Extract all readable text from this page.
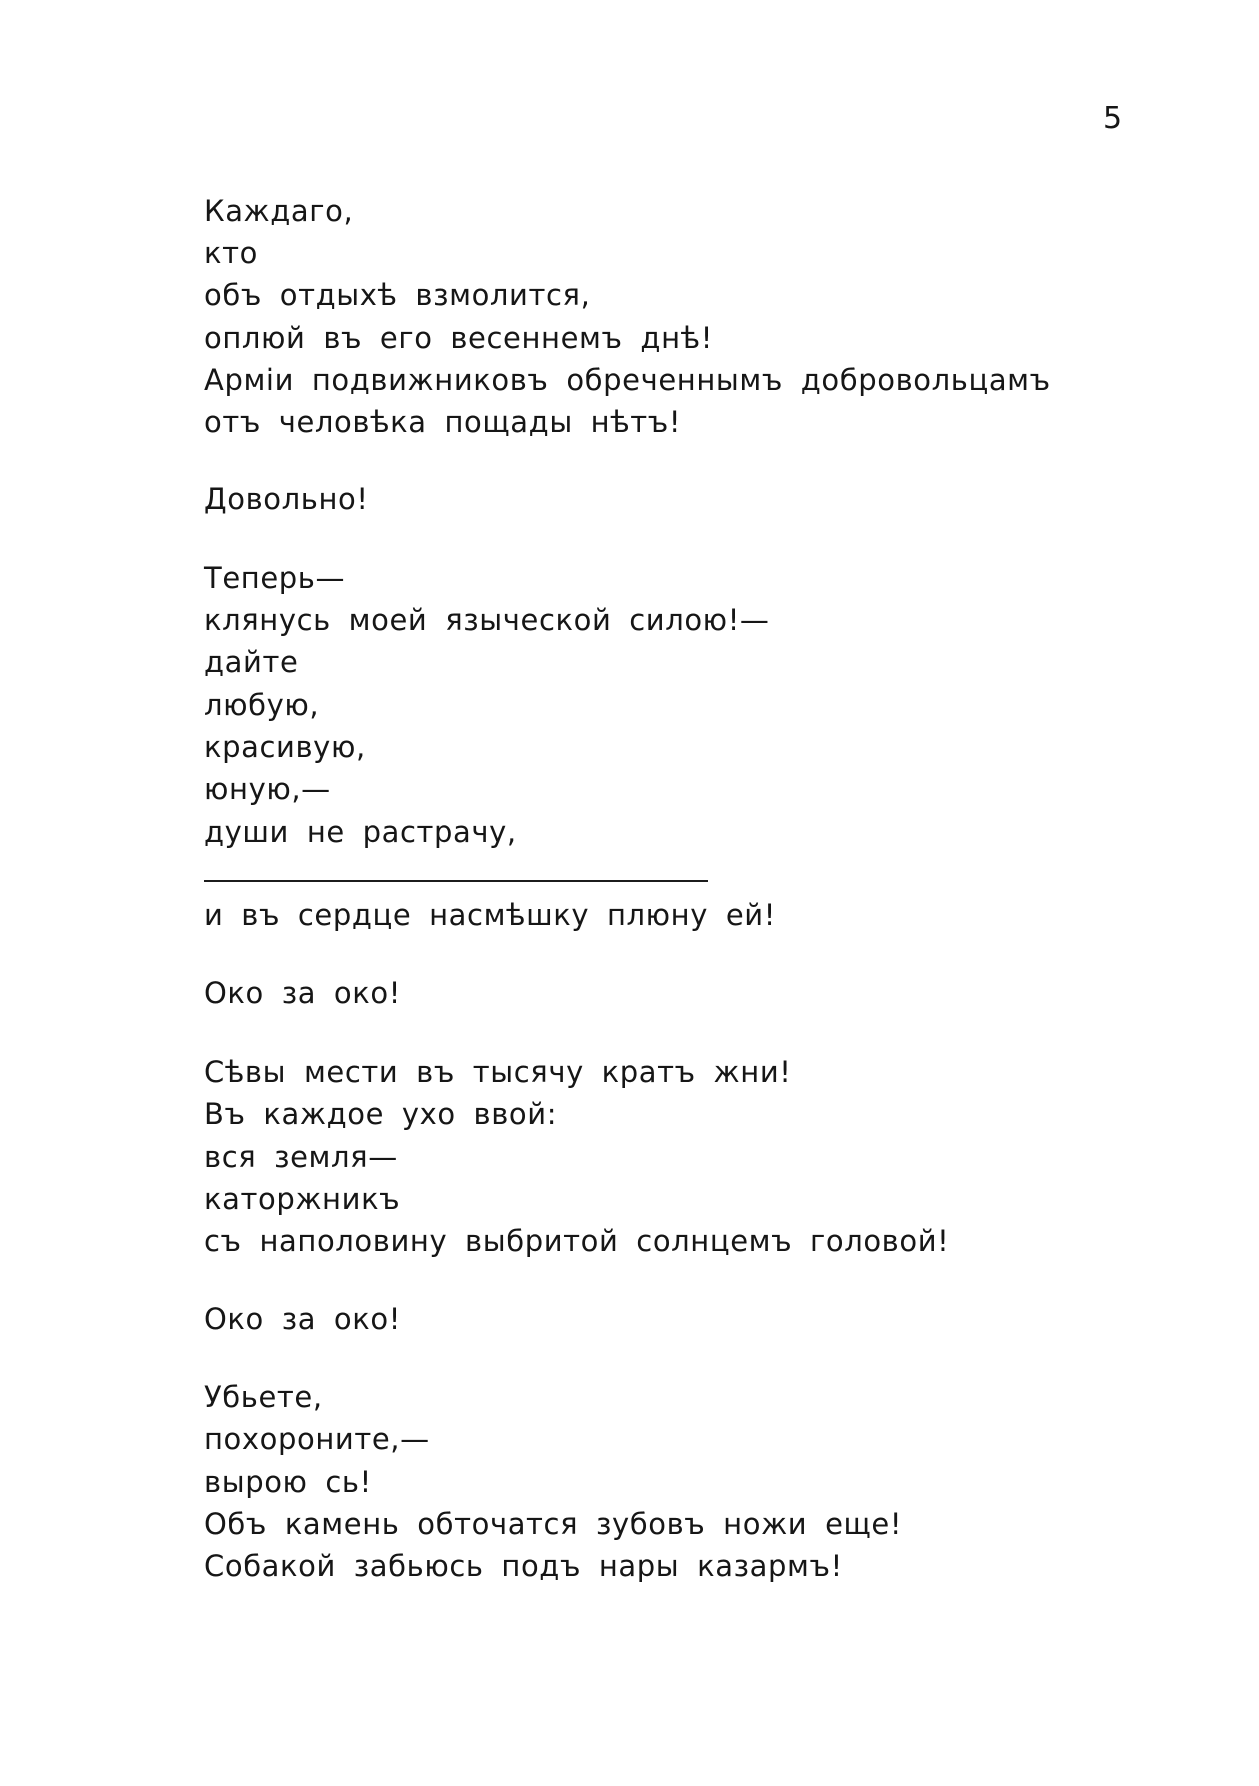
5
Каждаго,
кто
объ отдыхѣ взмолится,
оплюй въ его весеннемъ днѣ!
Арміи подвижниковъ обреченнымъ добровольцамъ
отъ человѣка пощады нѣтъ!
Довольно!
Теперь—
клянусь моей языческой силою!—
дайте
любую,
красивую,
юную,—
души не растрачу,
и въ сердце насмѣшку плюну ей!
Око за око!
Сѣвы мести въ тысячу кратъ жни!
Въ каждое ухо ввой:
вся земля—
каторжникъ
съ наполовину выбритой солнцемъ головой!
Око за око!
Убьете,
похороните,—
вырою сь!
Объ камень обточатся зубовъ ножи еще!
Собакой забьюсь подъ нары казармъ!
